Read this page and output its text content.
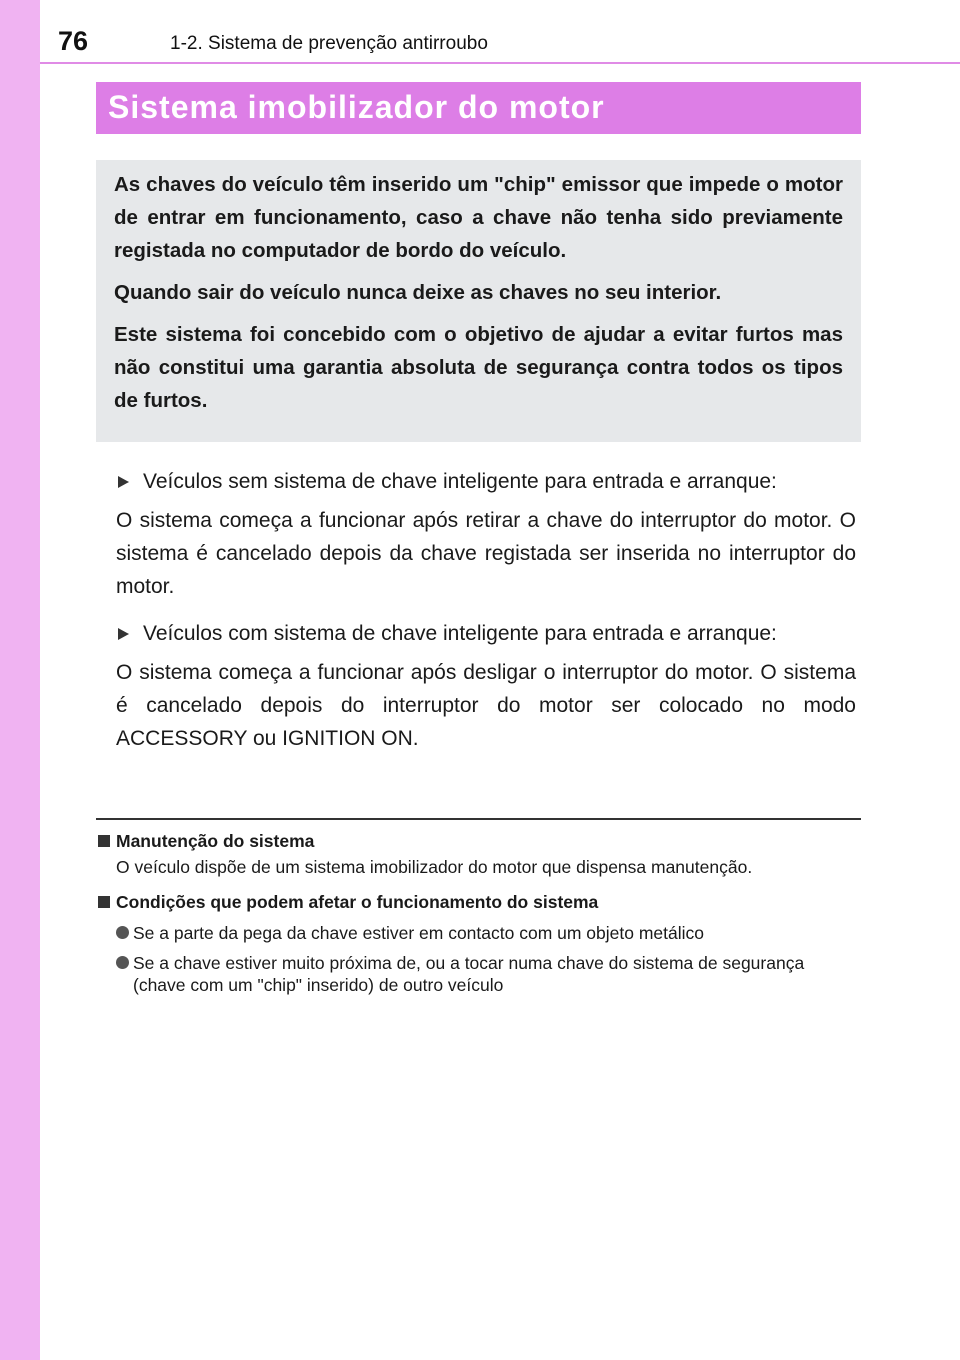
76	1-2. Sistema de prevenção antirroubo
Sistema imobilizador do motor

As chaves do veículo têm inserido um "chip" emissor que impede o motor de entrar em funcionamento, caso a chave não tenha sido previamente registada no computador de bordo do veículo.

Quando sair do veículo nunca deixe as chaves no seu interior.

Este sistema foi concebido com o objetivo de ajudar a evitar furtos mas não constitui uma garantia absoluta de segurança contra todos os tipos de furtos.

Veículos sem sistema de chave inteligente para entrada e arranque:
O sistema começa a funcionar após retirar a chave do interruptor do motor. O sistema é cancelado depois da chave registada ser inserida no interruptor do motor.
Veículos com sistema de chave inteligente para entrada e arranque:
O sistema começa a funcionar após desligar o interruptor do motor. O sistema é cancelado depois do interruptor do motor ser colocado no modo ACCESSORY ou IGNITION ON.
Manutenção do sistema
O veículo dispõe de um sistema imobilizador do motor que dispensa manutenção.
Condições que podem afetar o funcionamento do sistema
Se a parte da pega da chave estiver em contacto com um objeto metálico
Se a chave estiver muito próxima de, ou a tocar numa chave do sistema de segurança (chave com um "chip" inserido) de outro veículo
